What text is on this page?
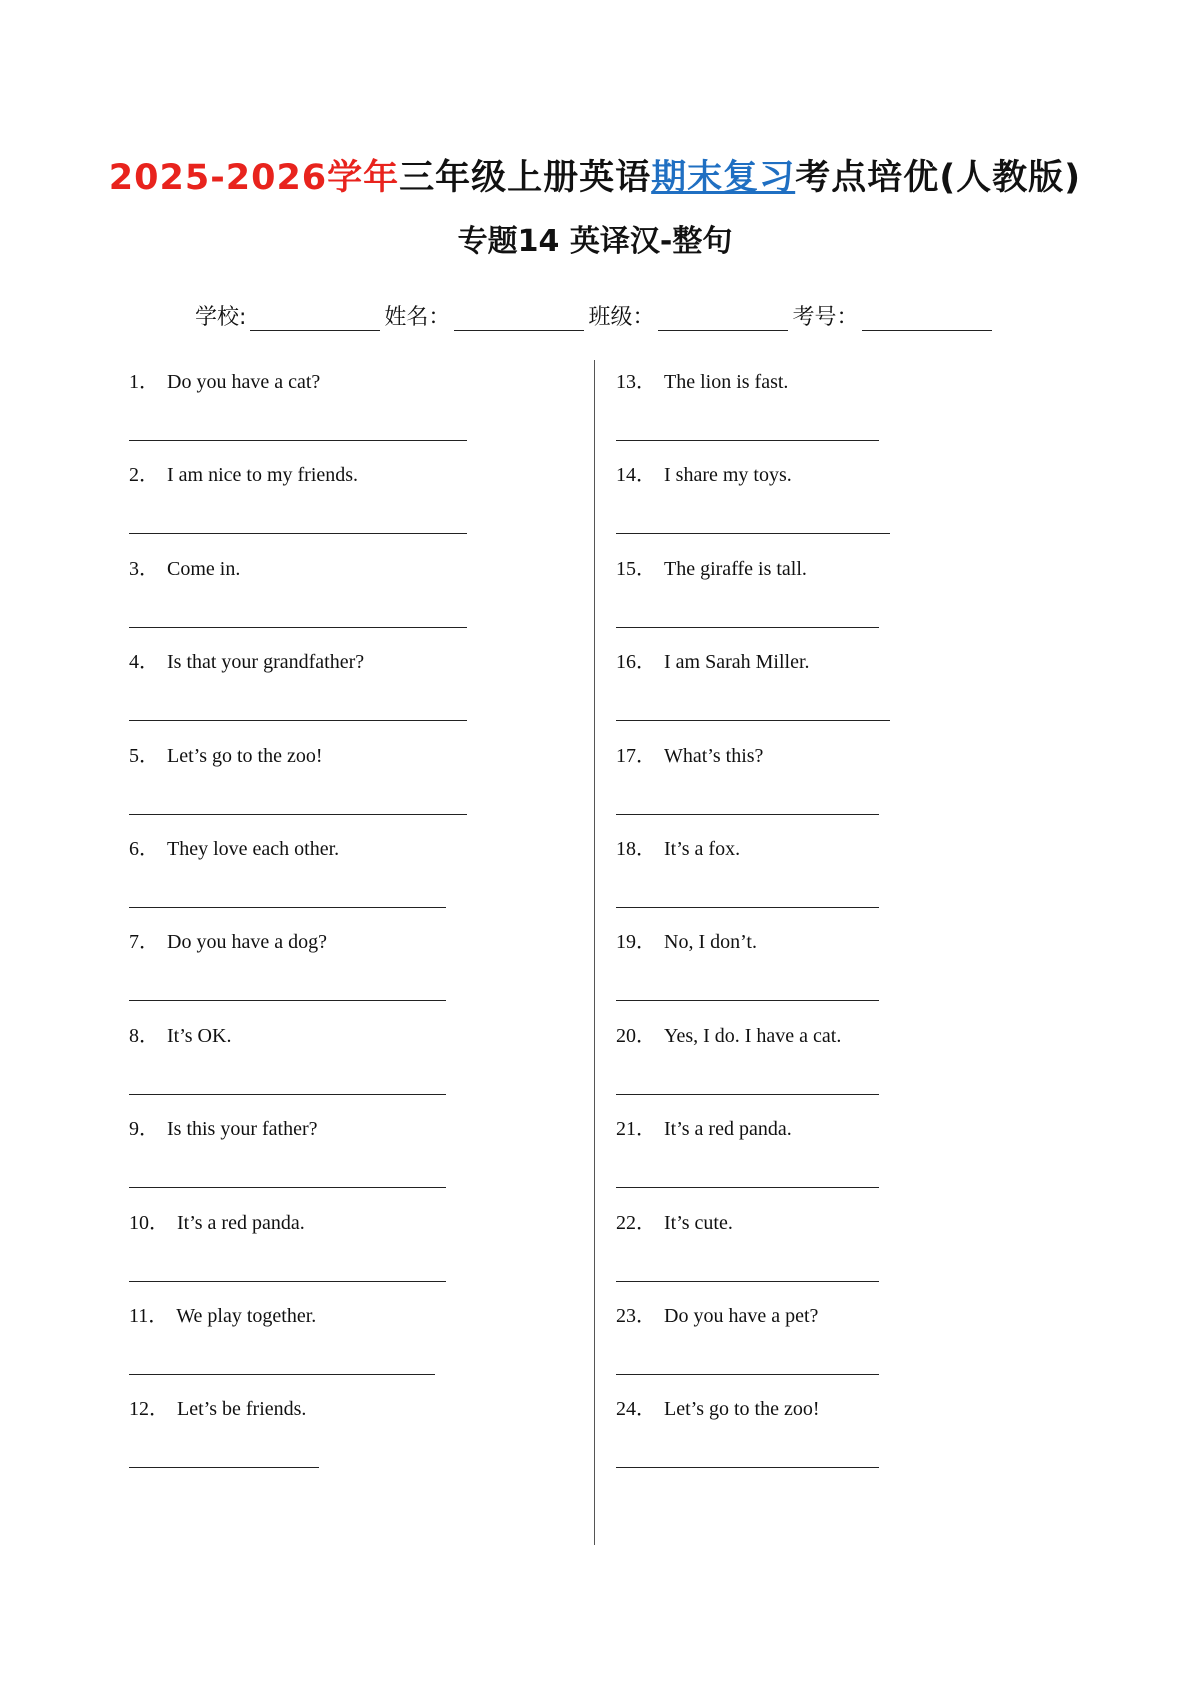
2025-2026学年三年级上册英语期末复习考点培优(人教版)
专题14 英译汉-整句
学校:	姓名：	班级：	考号：
1． Do you have a cat?
2． I am nice to my friends.
3． Come in.
4． Is that your grandfather?
5． Let’s go to the zoo!
6． They love each other.
7． Do you have a dog?
8． It’s OK.
9． Is this your father?
10． It’s a red panda.
11． We play together.
12． Let’s be friends.
13． The lion is fast.
14． I share my toys.
15． The giraffe is tall.
16． I am Sarah Miller.
17． What’s this?
18． It’s a fox.
19． No, I don’t.
20． Yes, I do. I have a cat.
21． It’s a red panda.
22． It’s cute.
23． Do you have a pet?
24． Let’s go to the zoo!
